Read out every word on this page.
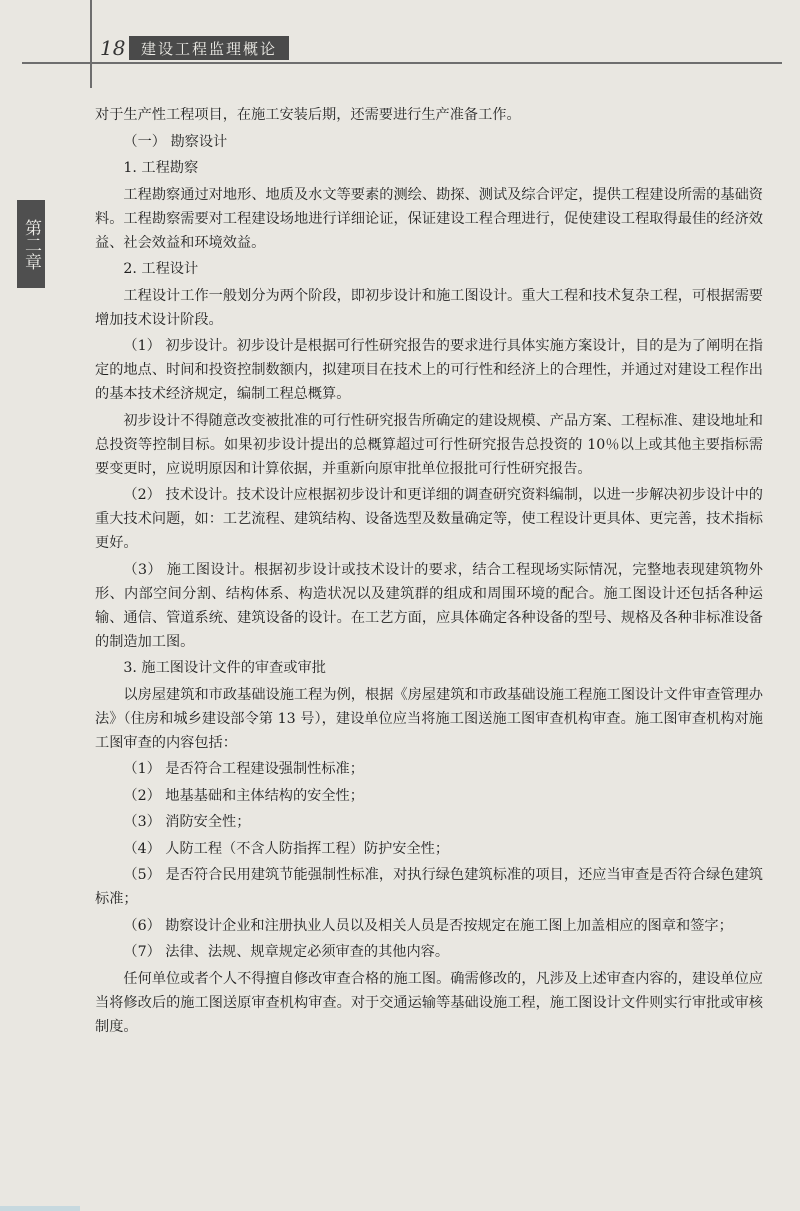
18	建设工程监理概论
第二章

对于生产性工程项目，在施工安装后期，还需要进行生产准备工作。

（一） 勘察设计

1. 工程勘察

工程勘察通过对地形、地质及水文等要素的测绘、勘探、测试及综合评定，提供工程建设所需的基础资料。工程勘察需要对工程建设场地进行详细论证，保证建设工程合理进行，促使建设工程取得最佳的经济效益、社会效益和环境效益。

2. 工程设计

工程设计工作一般划分为两个阶段，即初步设计和施工图设计。重大工程和技术复杂工程，可根据需要增加技术设计阶段。

（1） 初步设计。初步设计是根据可行性研究报告的要求进行具体实施方案设计，目的是为了阐明在指定的地点、时间和投资控制数额内，拟建项目在技术上的可行性和经济上的合理性，并通过对建设工程作出的基本技术经济规定，编制工程总概算。

初步设计不得随意改变被批准的可行性研究报告所确定的建设规模、产品方案、工程标准、建设地址和总投资等控制目标。如果初步设计提出的总概算超过可行性研究报告总投资的 10％以上或其他主要指标需要变更时，应说明原因和计算依据，并重新向原审批单位报批可行性研究报告。

（2） 技术设计。技术设计应根据初步设计和更详细的调查研究资料编制，以进一步解决初步设计中的重大技术问题，如：工艺流程、建筑结构、设备选型及数量确定等，使工程设计更具体、更完善，技术指标更好。

（3） 施工图设计。根据初步设计或技术设计的要求，结合工程现场实际情况，完整地表现建筑物外形、内部空间分割、结构体系、构造状况以及建筑群的组成和周围环境的配合。施工图设计还包括各种运输、通信、管道系统、建筑设备的设计。在工艺方面，应具体确定各种设备的型号、规格及各种非标准设备的制造加工图。

3. 施工图设计文件的审查或审批

以房屋建筑和市政基础设施工程为例，根据《房屋建筑和市政基础设施工程施工图设计文件审查管理办法》（住房和城乡建设部令第 13 号），建设单位应当将施工图送施工图审查机构审查。施工图审查机构对施工图审查的内容包括：

（1） 是否符合工程建设强制性标准；

（2） 地基基础和主体结构的安全性；

（3） 消防安全性；

（4） 人防工程（不含人防指挥工程）防护安全性；

（5） 是否符合民用建筑节能强制性标准，对执行绿色建筑标准的项目，还应当审查是否符合绿色建筑标准；

（6） 勘察设计企业和注册执业人员以及相关人员是否按规定在施工图上加盖相应的图章和签字；

（7） 法律、法规、规章规定必须审查的其他内容。

任何单位或者个人不得擅自修改审查合格的施工图。确需修改的，凡涉及上述审查内容的，建设单位应当将修改后的施工图送原审查机构审查。对于交通运输等基础设施工程，施工图设计文件则实行审批或审核制度。
